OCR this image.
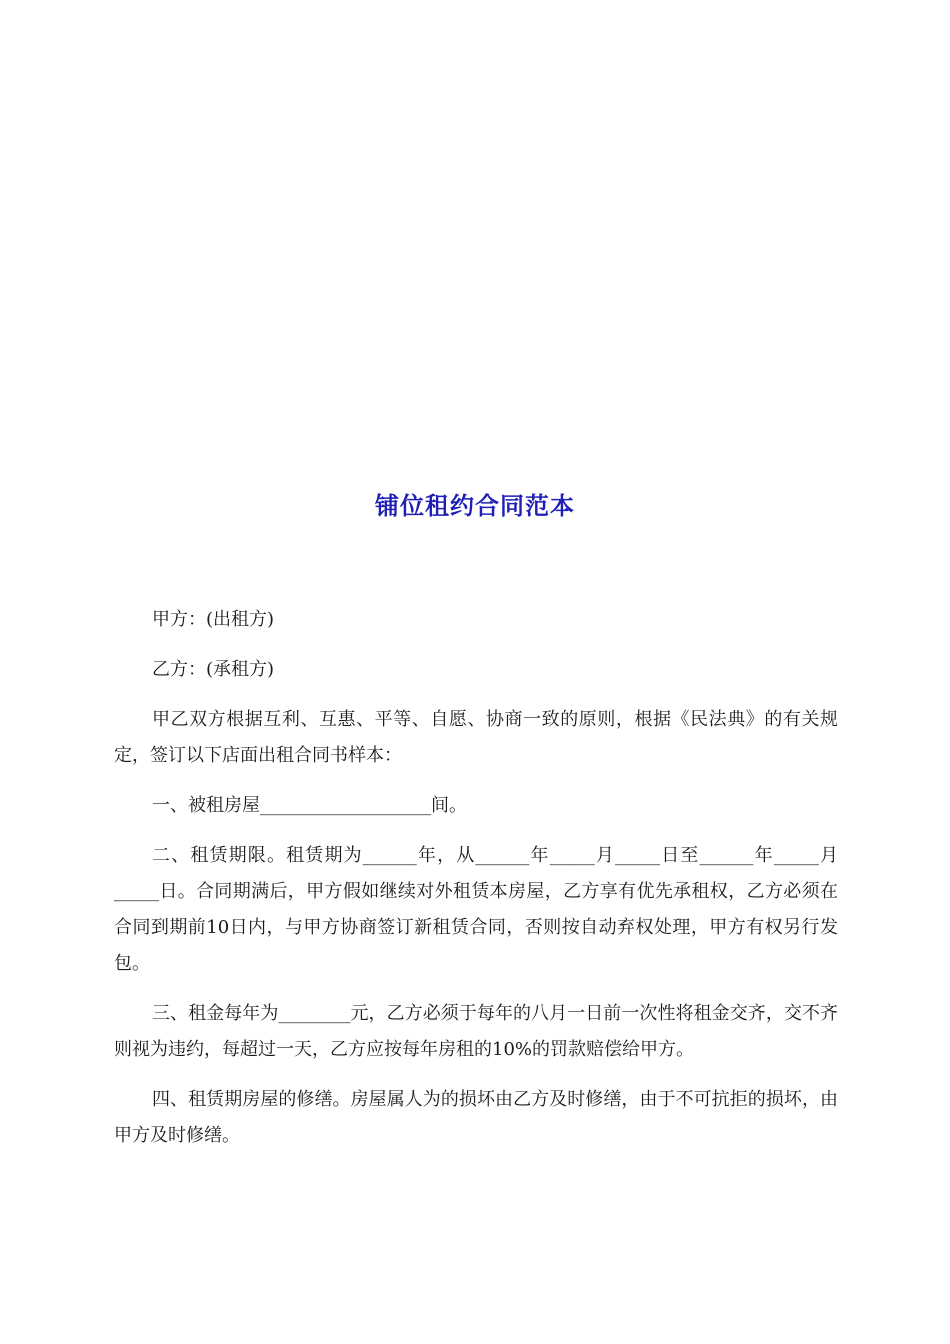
铺位租约合同范本

甲方：(出租方)

乙方：(承租方)

甲乙双方根据互利、互惠、平等、自愿、协商一致的原则，根据《民法典》的有关规定，签订以下店面出租合同书样本：

一、被租房屋___________________间。

二、租赁期限。租赁期为______年，从______年_____月_____日至______年_____月_____日。合同期满后，甲方假如继续对外租赁本房屋，乙方享有优先承租权，乙方必须在合同到期前10日内，与甲方协商签订新租赁合同，否则按自动弃权处理，甲方有权另行发包。

三、租金每年为________元，乙方必须于每年的八月一日前一次性将租金交齐，交不齐则视为违约，每超过一天，乙方应按每年房租的10%的罚款赔偿给甲方。

四、租赁期房屋的修缮。房屋属人为的损坏由乙方及时修缮，由于不可抗拒的损坏，由甲方及时修缮。
